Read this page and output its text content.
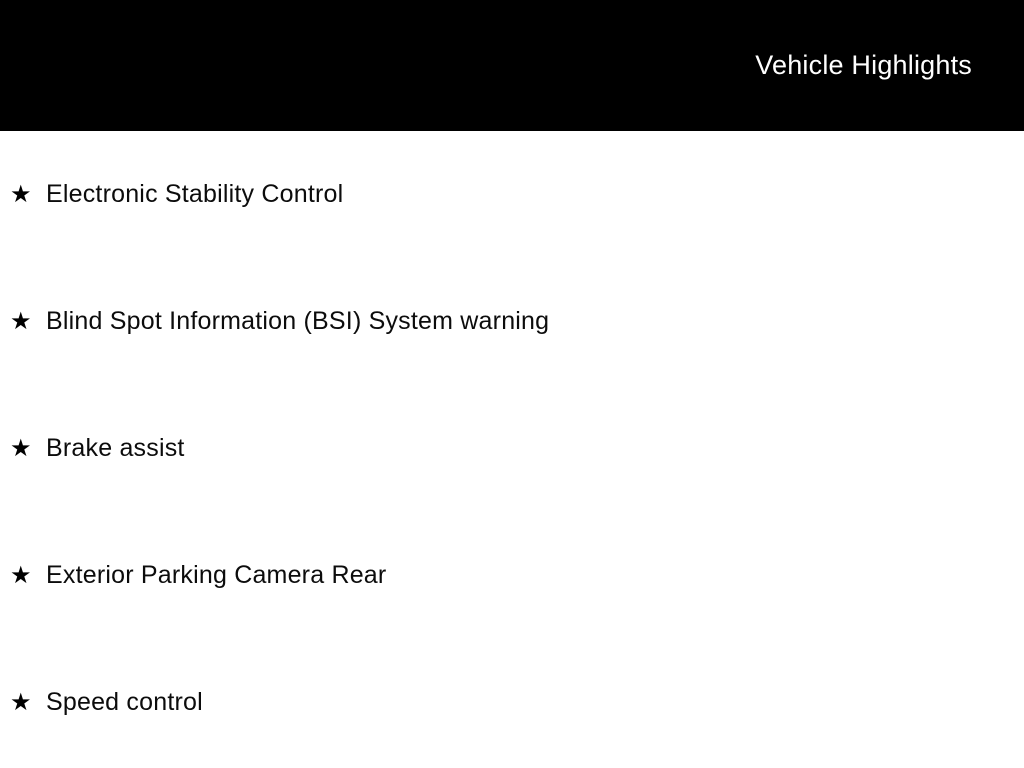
Vehicle Highlights
★ Electronic Stability Control
★ Blind Spot Information (BSI) System warning
★ Brake assist
★ Exterior Parking Camera Rear
★ Speed control
